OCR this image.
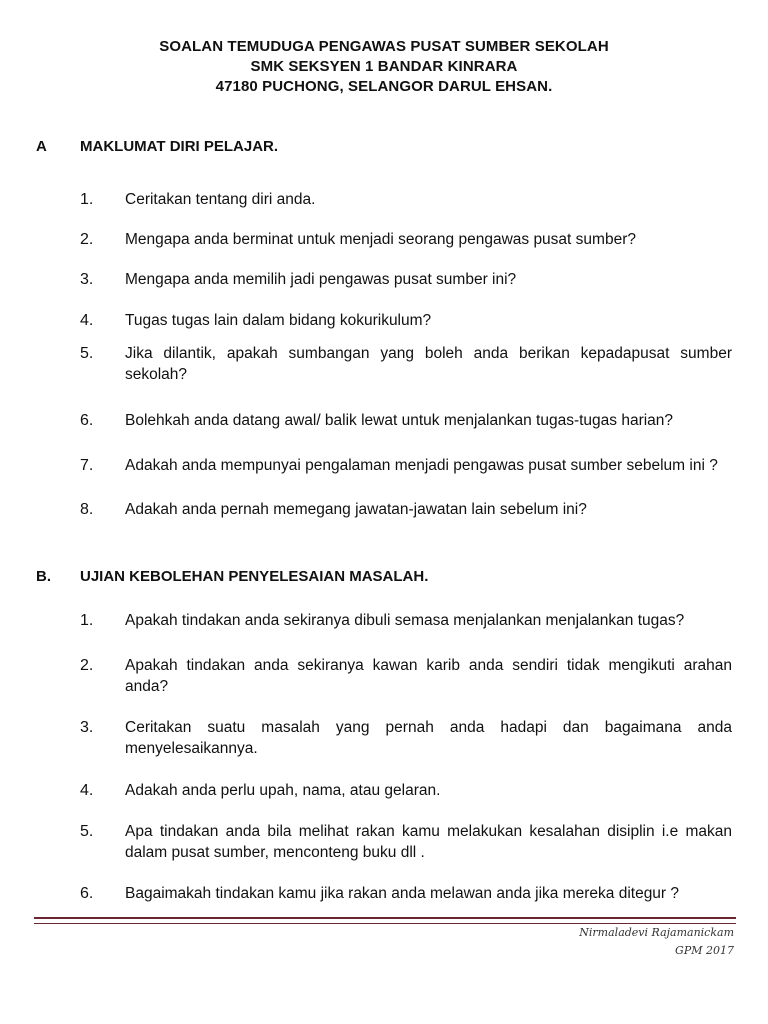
SOALAN TEMUDUGA PENGAWAS PUSAT SUMBER SEKOLAH
SMK SEKSYEN 1 BANDAR KINRARA
47180 PUCHONG, SELANGOR DARUL EHSAN.
A MAKLUMAT DIRI PELAJAR.
1. Ceritakan tentang diri anda.
2. Mengapa anda berminat untuk menjadi seorang pengawas pusat sumber?
3. Mengapa anda memilih jadi pengawas pusat sumber ini?
4. Tugas tugas lain dalam bidang kokurikulum?
5. Jika dilantik, apakah sumbangan yang boleh anda berikan kepadapusat sumber sekolah?
6. Bolehkah anda datang awal/ balik lewat untuk menjalankan tugas-tugas harian?
7. Adakah anda mempunyai pengalaman menjadi pengawas pusat sumber sebelum ini ?
8. Adakah anda pernah memegang jawatan-jawatan lain sebelum ini?
B. UJIAN KEBOLEHAN PENYELESAIAN MASALAH.
1. Apakah tindakan anda sekiranya dibuli semasa menjalankan menjalankan tugas?
2. Apakah tindakan anda sekiranya kawan karib anda sendiri tidak mengikuti arahan anda?
3. Ceritakan suatu masalah yang pernah anda hadapi dan bagaimana anda menyelesaikannya.
4. Adakah anda perlu upah, nama, atau gelaran.
5. Apa tindakan anda bila melihat rakan kamu melakukan kesalahan disiplin i.e makan dalam pusat sumber, menconteng buku dll .
6. Bagaimakah tindakan kamu jika rakan anda melawan anda jika mereka ditegur ?
Nirmaladevi Rajamanickam
GPM 2017
